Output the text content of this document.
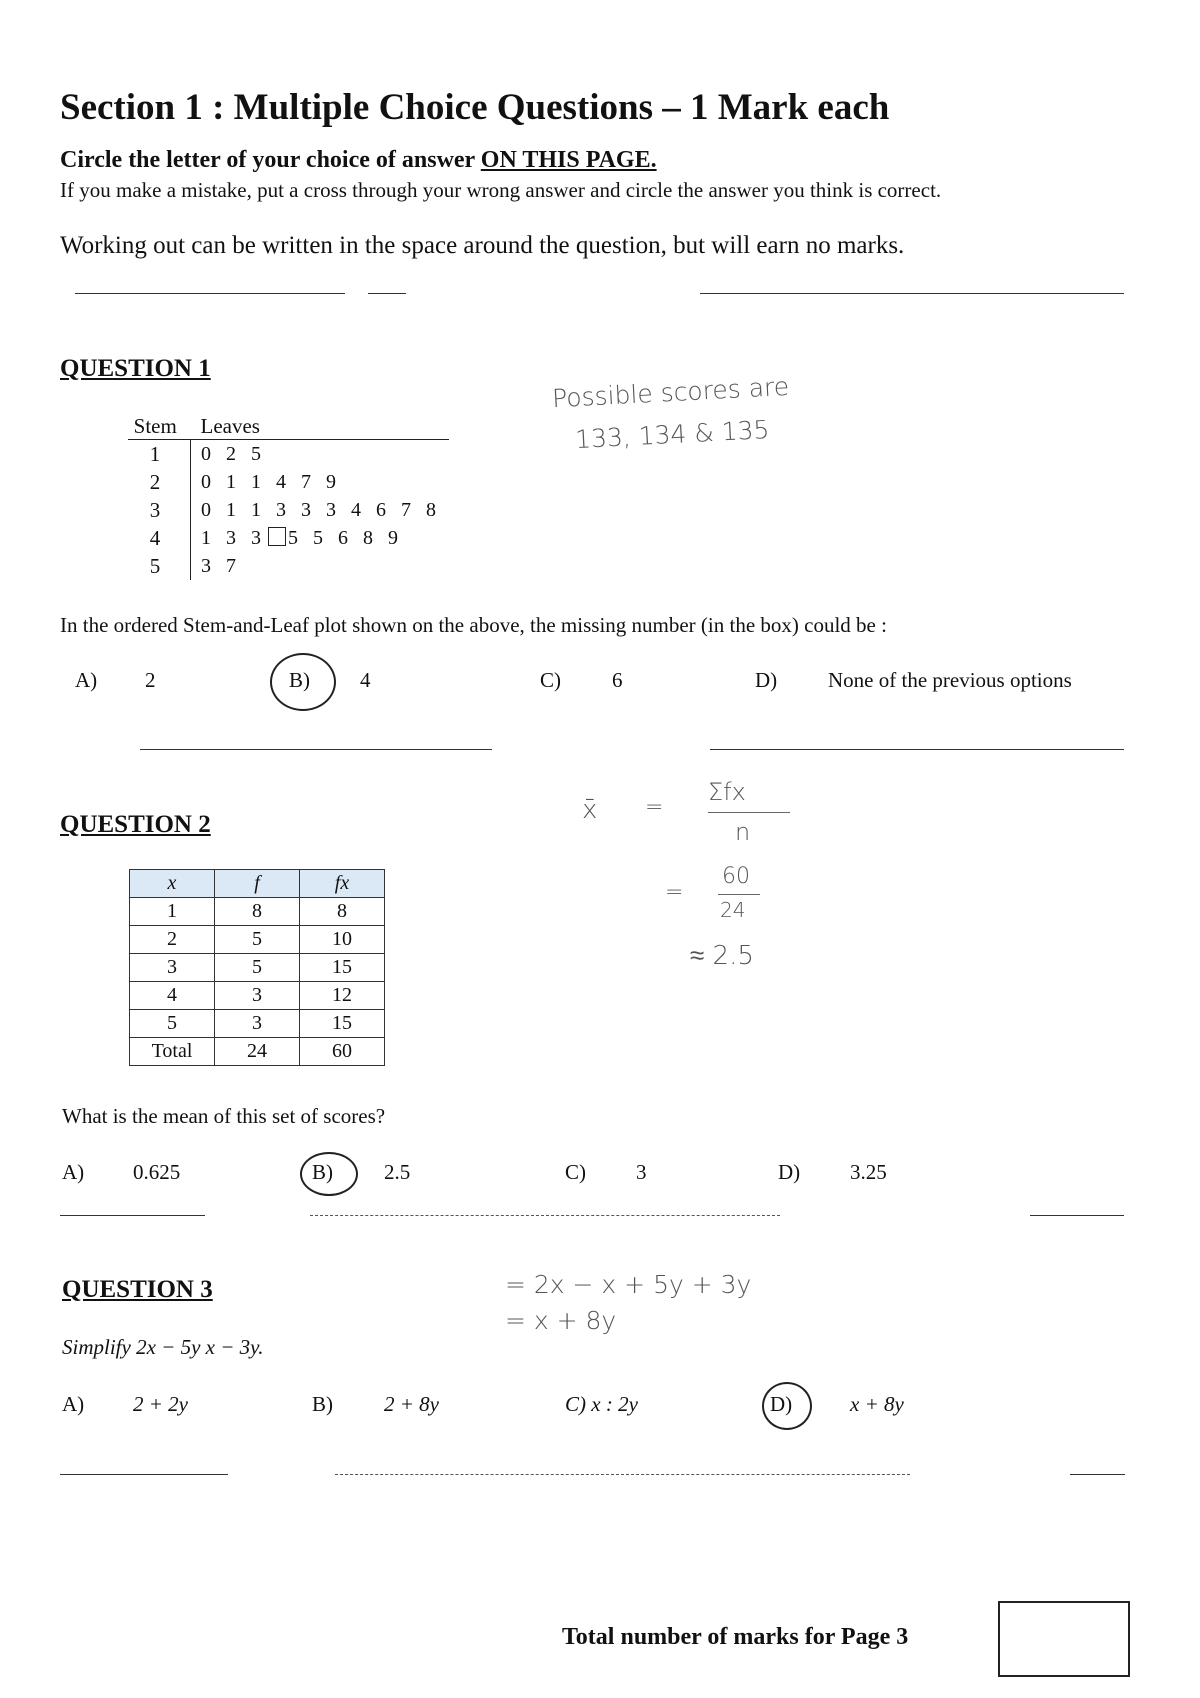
Section 1 : Multiple Choice Questions – 1 Mark each
Circle the letter of your choice of answer ON THIS PAGE.
If you make a mistake, put a cross through your wrong answer and circle the answer you think is correct.
Working out can be written in the space around the question, but will earn no marks.
QUESTION 1
Possible scores are
133, 134 & 135
Stem	Leaves
1	0 2 5
2	0 1 1 4 7 9
3	0 1 1 3 3 3 4 6 7 8
4	1 3 3 5 5 6 8 9
5	3 7
In the ordered Stem-and-Leaf plot shown on the above, the missing number (in the box) could be :
A) 2	B) 4	C) 6	D) None of the previous options
QUESTION 2	x̄ =
Σfx
n
=
60
24
≈ 2.5
x	f	fx
1	8	8
2	5	10
3	5	15
4	3	12
5	3	15
Total	24	60
What is the mean of this set of scores?
A) 0.625	B) 2.5	C) 3	D) 3.25
QUESTION 3	= 2x − x + 5y + 3y
= x + 8y
Simplify 2x − 5y x − 3y.
A) 2 + 2y	B) 2 + 8y	C) x : 2y	D)	x + 8y
Total number of marks for Page 3
